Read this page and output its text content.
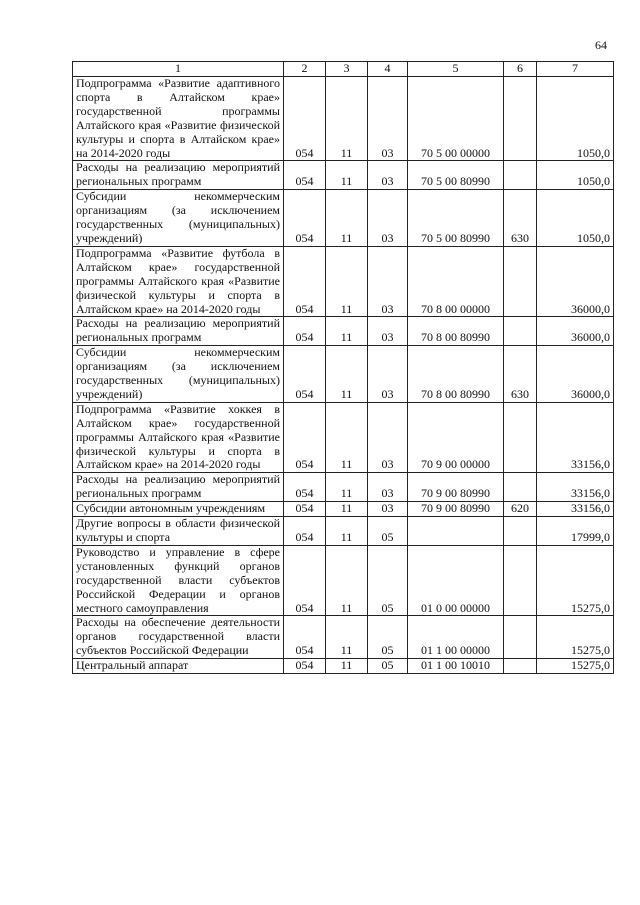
64
1	2	3	4	5	6	7
Подпрограмма «Развитие адаптивного спорта в Алтайском крае» государственной программы Алтайского края «Развитие физической культуры и спорта в Алтайском крае» на 2014-2020 годы	054	11	03	70 5 00 00000		1050,0
Расходы на реализацию мероприятий региональных программ	054	11	03	70 5 00 80990		1050,0
Субсидии некоммерческим организациям (за исключением государственных (муниципальных) учреждений)	054	11	03	70 5 00 80990	630	1050,0
Подпрограмма «Развитие футбола в Алтайском крае» государственной программы Алтайского края «Развитие физической культуры и спорта в Алтайском крае» на 2014-2020 годы	054	11	03	70 8 00 00000		36000,0
Расходы на реализацию мероприятий региональных программ	054	11	03	70 8 00 80990		36000,0
Субсидии некоммерческим организациям (за исключением государственных (муниципальных) учреждений)	054	11	03	70 8 00 80990	630	36000,0
Подпрограмма «Развитие хоккея в Алтайском крае» государственной программы Алтайского края «Развитие физической культуры и спорта в Алтайском крае» на 2014-2020 годы	054	11	03	70 9 00 00000		33156,0
Расходы на реализацию мероприятий региональных программ	054	11	03	70 9 00 80990		33156,0
Субсидии автономным учреждениям	054	11	03	70 9 00 80990	620	33156,0
Другие вопросы в области физической культуры и спорта	054	11	05			17999,0
Руководство и управление в сфере установленных функций органов государственной власти субъектов Российской Федерации и органов местного самоуправления	054	11	05	01 0 00 00000		15275,0
Расходы на обеспечение деятельности органов государственной власти субъектов Российской Федерации	054	11	05	01 1 00 00000		15275,0
Центральный аппарат	054	11	05	01 1 00 10010		15275,0
